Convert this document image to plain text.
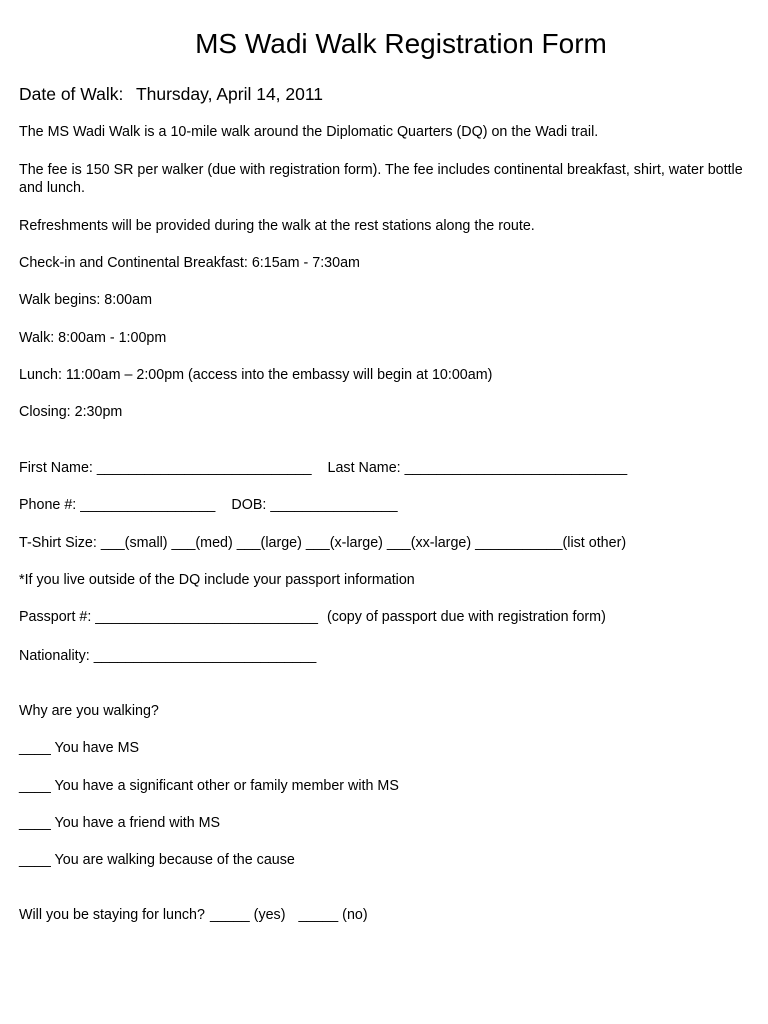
MS Wadi Walk Registration Form
Date of Walk: Thursday, April 14, 2011
The MS Wadi Walk is a 10-mile walk around the Diplomatic Quarters (DQ) on the Wadi trail.
The fee is 150 SR per walker (due with registration form). The fee includes continental breakfast, shirt, water bottle and lunch.
Refreshments will be provided during the walk at the rest stations along the route.
Check-in and Continental Breakfast: 6:15am - 7:30am
Walk begins: 8:00am
Walk: 8:00am - 1:00pm
Lunch: 11:00am – 2:00pm (access into the embassy will begin at 10:00am)
Closing: 2:30pm
First Name: ___________________________ Last Name: ____________________________
Phone #: _________________ DOB: ________________
T-Shirt Size: ___(small) ___(med) ___(large) ___(x-large) ___(xx-large) ___________(list other)
*If you live outside of the DQ include your passport information
Passport #: ____________________________ (copy of passport due with registration form)
Nationality: ____________________________
Why are you walking?
____ You have MS
____ You have a significant other or family member with MS
____ You have a friend with MS
____ You are walking because of the cause
Will you be staying for lunch? _____ (yes) _____ (no)
